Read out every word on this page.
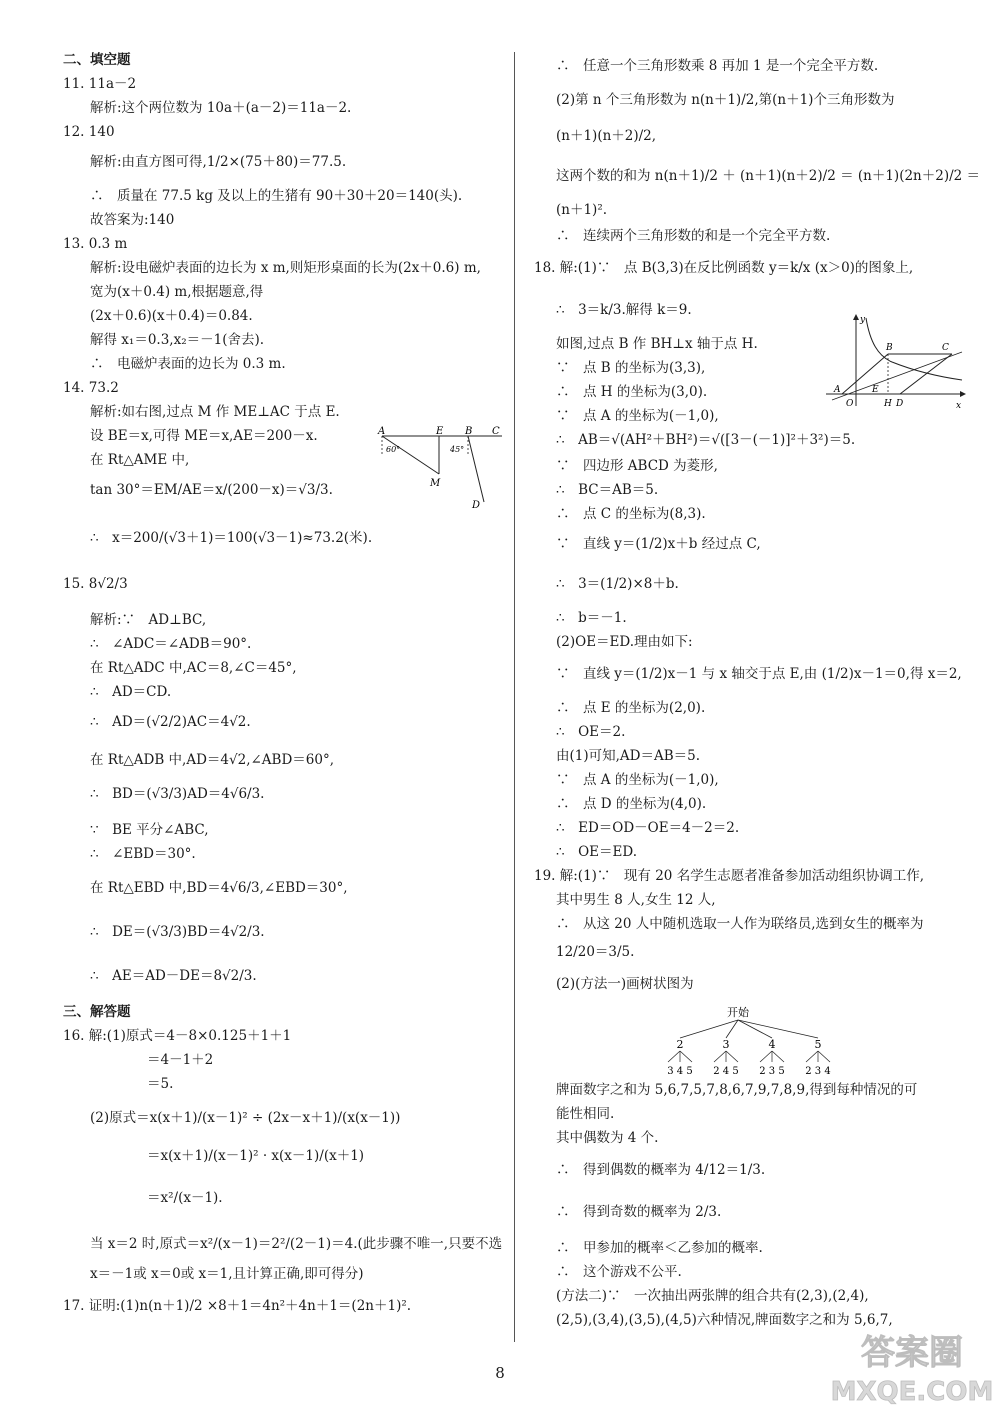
二、填空题
11. 11a－2
解析:这个两位数为 10a＋(a－2)＝11a－2.
12. 140
解析:由直方图可得,1/2×(75＋80)＝77.5.
∴　质量在 77.5 kg 及以上的生猪有 90＋30＋20＝140(头).
故答案为:140
13. 0.3 m
解析:设电磁炉表面的边长为 x m,则矩形桌面的长为(2x＋0.6) m,
宽为(x＋0.4) m,根据题意,得
(2x＋0.6)(x＋0.4)＝0.84.
解得 x₁＝0.3,x₂＝－1(舍去).
∴　电磁炉表面的边长为 0.3 m.
14. 73.2
解析:如右图,过点 M 作 ME⊥AC 于点 E.
设 BE＝x,可得 ME＝x,AE＝200－x.
在 Rt△AME 中,
tan 30°＝EM/AE＝x/(200－x)＝√3/3.
∴　x＝200/(√3＋1)＝100(√3－1)≈73.2(米).
15. 8√2/3
解析:∵　AD⊥BC,
∴　∠ADC＝∠ADB＝90°.
在 Rt△ADC 中,AC＝8,∠C＝45°,
∴　AD＝CD.
∴　AD＝(√2/2)AC＝4√2.
在 Rt△ADB 中,AD＝4√2,∠ABD＝60°,
∴　BD＝(√3/3)AD＝4√6/3.
∵　BE 平分∠ABC,
∴　∠EBD＝30°.
在 Rt△EBD 中,BD＝4√6/3,∠EBD＝30°,
∴　DE＝(√3/3)BD＝4√2/3.
∴　AE＝AD－DE＝8√2/3.
三、解答题
16. 解:(1)原式＝4－8×0.125＋1＋1
＝4－1＋2
＝5.
(2)原式＝x(x＋1)/(x－1)² ÷ (2x－x＋1)/(x(x－1))
＝x(x＋1)/(x－1)² · x(x－1)/(x＋1)
＝x²/(x－1).
当 x＝2 时,原式＝x²/(x－1)＝2²/(2－1)＝4.(此步骤不唯一,只要不选
x＝－1或 x＝0或 x＝1,且计算正确,即可得分)
17. 证明:(1)n(n＋1)/2 ×8＋1＝4n²＋4n＋1＝(2n＋1)².
A	E B C
M
D
60°	45°
∴　任意一个三角形数乘 8 再加 1 是一个完全平方数.
(2)第 n 个三角形数为 n(n＋1)/2,第(n＋1)个三角形数为
(n＋1)(n＋2)/2,
这两个数的和为 n(n＋1)/2 ＋ (n＋1)(n＋2)/2 ＝ (n＋1)(2n＋2)/2 ＝
(n＋1)².
∴　连续两个三角形数的和是一个完全平方数.
18. 解:(1)∵　点 B(3,3)在反比例函数 y＝k/x (x＞0)的图象上,
∴　3＝k/3.解得 k＝9.
如图,过点 B 作 BH⊥x 轴于点 H.
∵　点 B 的坐标为(3,3),
∴　点 H 的坐标为(3,0).
∵　点 A 的坐标为(－1,0),
∴　AB＝√(AH²＋BH²)＝√([3－(－1)]²＋3²)＝5.
∵　四边形 ABCD 为菱形,
∴　BC＝AB＝5.
∴　点 C 的坐标为(8,3).
∵　直线 y＝(1/2)x＋b 经过点 C,
∴　3＝(1/2)×8＋b.
∴　b＝－1.
(2)OE＝ED.理由如下:
∵　直线 y＝(1/2)x－1 与 x 轴交于点 E,由 (1/2)x－1＝0,得 x＝2,
∴　点 E 的坐标为(2,0).
∴　OE＝2.
由(1)可知,AD＝AB＝5.
∵　点 A 的坐标为(－1,0),
∴　点 D 的坐标为(4,0).
∴　ED＝OD－OE＝4－2＝2.
∴　OE＝ED.
19. 解:(1)∵　现有 20 名学生志愿者准备参加活动组织协调工作,
其中男生 8 人,女生 12 人,
∴　从这 20 人中随机选取一人作为联络员,选到女生的概率为
12/20＝3/5.
(2)(方法一)画树状图为
牌面数字之和为 5,6,7,5,7,8,6,7,9,7,8,9,得到每种情况的可
能性相同.
其中偶数为 4 个.
∴　得到偶数的概率为 4/12＝1/3.
∴　得到奇数的概率为 2/3.
∴　甲参加的概率＜乙参加的概率.
∴　这个游戏不公平.
(方法二)∵　一次抽出两张牌的组合共有(2,3),(2,4),
(2,5),(3,4),(3,5),(4,5)六种情况,牌面数字之和为 5,6,7,
y
x
O
A	E
H D
B	C
开始
2	3	4	5
3 4 5 2 4 5 2 3 5 2 3 4
8	答案圈
MXQE.COM
